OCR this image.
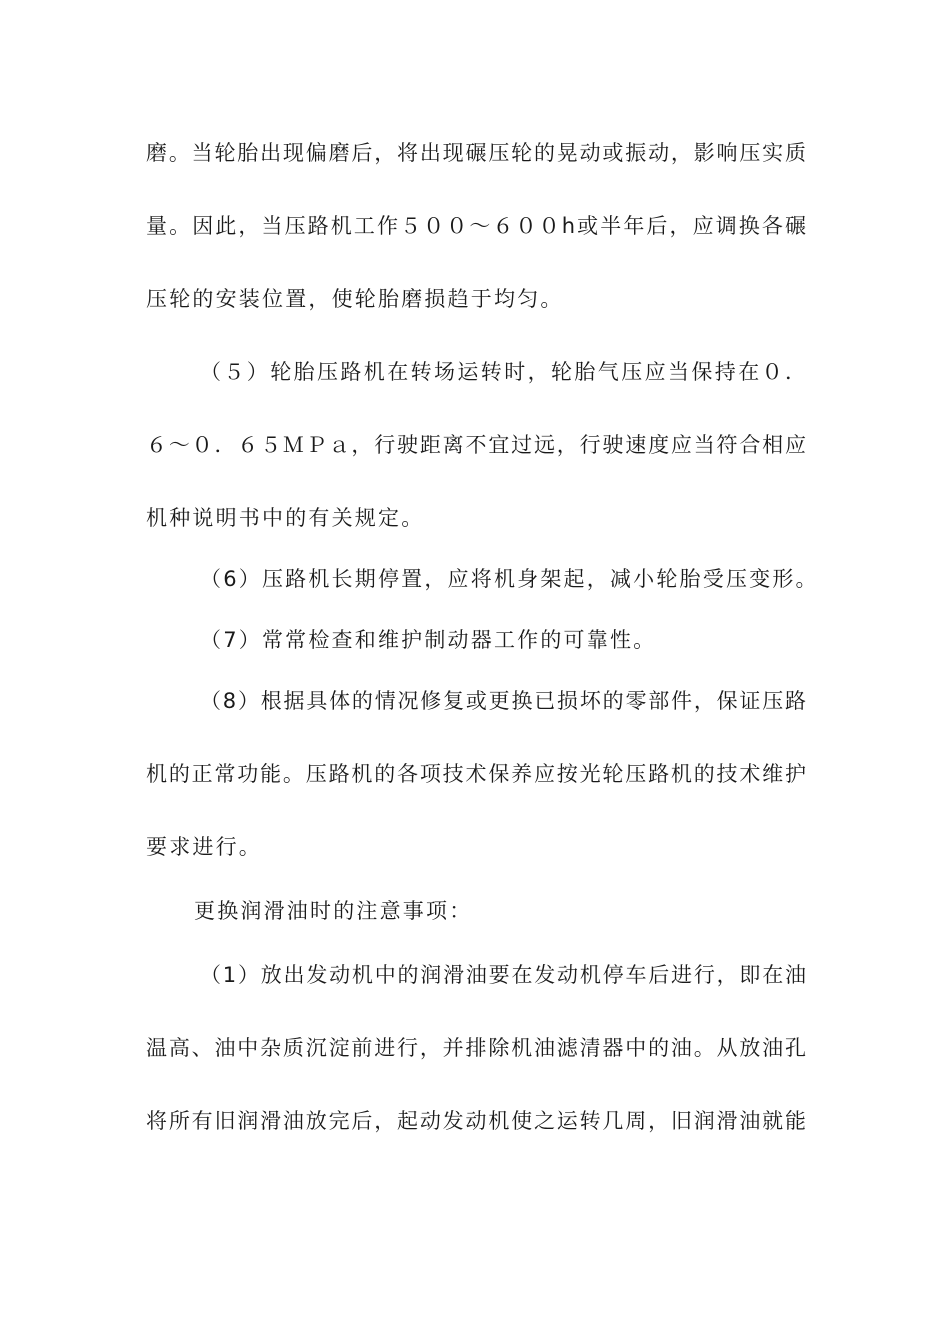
磨。当轮胎出现偏磨后，将出现碾压轮的晃动或振动，影响压实质
量。因此，当压路机工作５００～６００h或半年后，应调换各碾
压轮的安装位置，使轮胎磨损趋于均匀。
（５）轮胎压路机在转场运转时，轮胎气压应当保持在０．
６～０．６５ＭＰａ，行驶距离不宜过远，行驶速度应当符合相应
机种说明书中的有关规定。
（6）压路机长期停置，应将机身架起，减小轮胎受压变形。
（7）常常检查和维护制动器工作的可靠性。
（8）根据具体的情况修复或更换已损坏的零部件，保证压路
机的正常功能。压路机的各项技术保养应按光轮压路机的技术维护
要求进行。
更换润滑油时的注意事项：
（1）放出发动机中的润滑油要在发动机停车后进行，即在油
温高、油中杂质沉淀前进行，并排除机油滤清器中的油。从放油孔
将所有旧润滑油放完后，起动发动机使之运转几周，旧润滑油就能
